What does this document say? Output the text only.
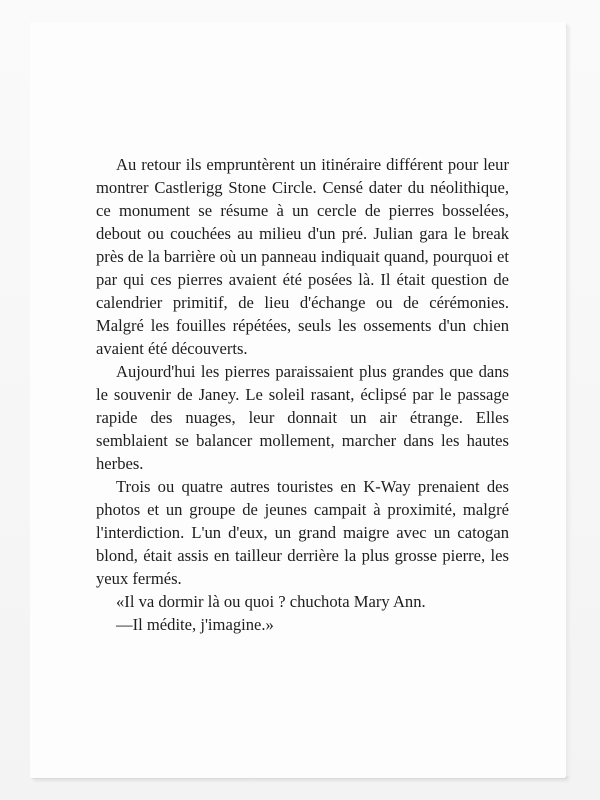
Au retour ils empruntèrent un itinéraire différent pour leur montrer Castlerigg Stone Circle. Censé dater du néolithique, ce monument se résume à un cercle de pierres bosselées, debout ou couchées au milieu d'un pré. Julian gara le break près de la barrière où un panneau indiquait quand, pourquoi et par qui ces pierres avaient été posées là. Il était question de calendrier primitif, de lieu d'échange ou de cérémonies. Malgré les fouilles répétées, seuls les ossements d'un chien avaient été découverts.

Aujourd'hui les pierres paraissaient plus grandes que dans le souvenir de Janey. Le soleil rasant, éclipsé par le passage rapide des nuages, leur donnait un air étrange. Elles semblaient se balancer mollement, marcher dans les hautes herbes.

Trois ou quatre autres touristes en K-Way prenaient des photos et un groupe de jeunes campait à proximité, malgré l'interdiction. L'un d'eux, un grand maigre avec un catogan blond, était assis en tailleur derrière la plus grosse pierre, les yeux fermés.

«Il va dormir là ou quoi ? chuchota Mary Ann.

—Il médite, j'imagine.»
